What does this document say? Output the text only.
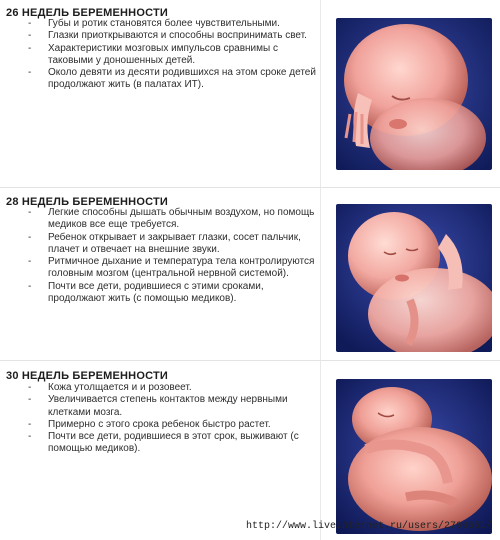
26 НЕДЕЛЬ БЕРЕМЕННОСТИ
- Губы и ротик становятся более чувствительными.
- Глазки приоткрываются и способны воспринимать свет.
- Характеристики мозговых импульсов сравнимы с таковыми у доношенных детей.
- Около девяти из десяти родившихся на этом сроке детей продолжают жить (в палатах ИТ).
28 НЕДЕЛЬ БЕРЕМЕННОСТИ
- Легкие способны дышать обычным воздухом, но помощь медиков все еще требуется.
- Ребенок открывает и закрывает глазки, сосет пальчик, плачет и отвечает на внешние звуки.
- Ритмичное дыхание и температура тела контролируются головным мозгом (центральной нервной системой).
- Почти все дети, родившиеся с этими сроками, продолжают жить (с помощью медиков).
30 НЕДЕЛЬ БЕРЕМЕННОСТИ
- Кожа утолщается и и розовеет.
- Увеличивается степень контактов между нервными клетками мозга.
- Примерно с этого срока ребенок быстро растет.
- Почти все дети, родившиеся в этот срок, выживают (с помощью медиков).
http://www.liveinternet.ru/users/2709651/
